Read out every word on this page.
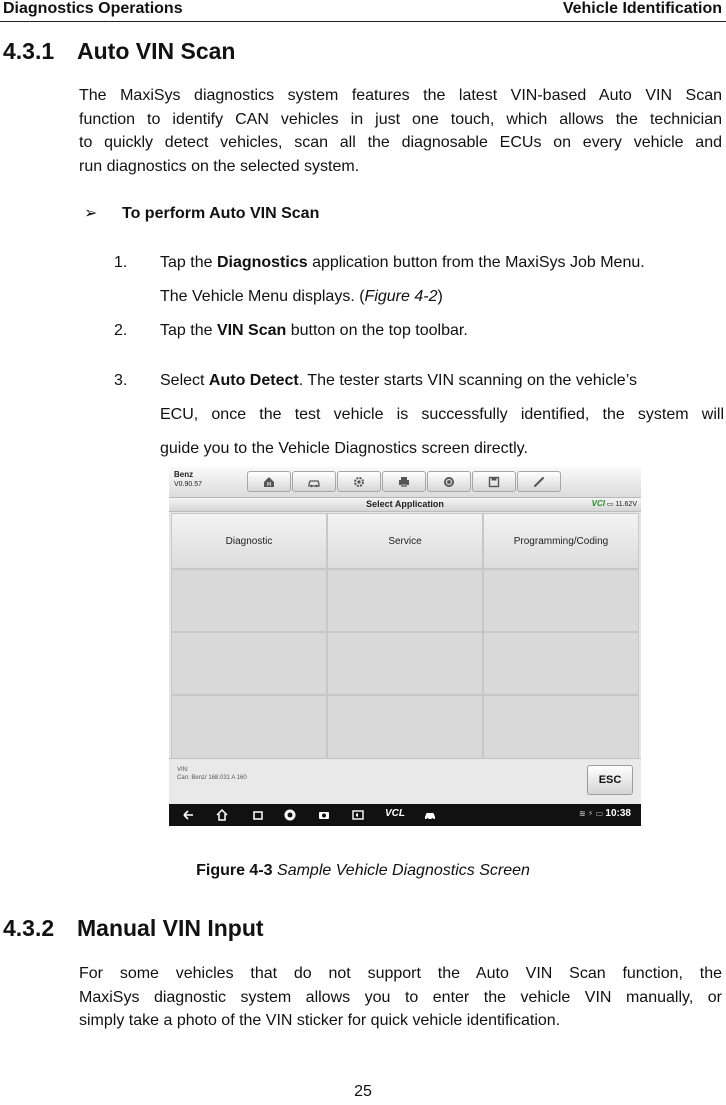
Diagnostics Operations	Vehicle Identification
4.3.1 Auto VIN Scan
The MaxiSys diagnostics system features the latest VIN-based Auto VIN Scan
function to identify CAN vehicles in just one touch, which allows the technician
to quickly detect vehicles, scan all the diagnosable ECUs on every vehicle and
run diagnostics on the selected system.
➢ To perform Auto VIN Scan
1. Tap the Diagnostics application button from the MaxiSys Job Menu.
The Vehicle Menu displays. (Figure 4-2)
2. Tap the VIN Scan button on the top toolbar.
3. Select Auto Detect. The tester starts VIN scanning on the vehicle’s
ECU, once the test vehicle is successfully identified, the system will
guide you to the Vehicle Diagnostics screen directly.
Benz
V0.90.57	M
Select Application	VCI ▭ 11.62V
Diagnostic	Service	Programming/Coding
VIN:
Can: Benz/ 168.031 A 160	ESC
VCL	≋ ⚡ ▭ 10:38
Figure 4-3 Sample Vehicle Diagnostics Screen
4.3.2 Manual VIN Input
For some vehicles that do not support the Auto VIN Scan function, the
MaxiSys diagnostic system allows you to enter the vehicle VIN manually, or
simply take a photo of the VIN sticker for quick vehicle identification.
25
